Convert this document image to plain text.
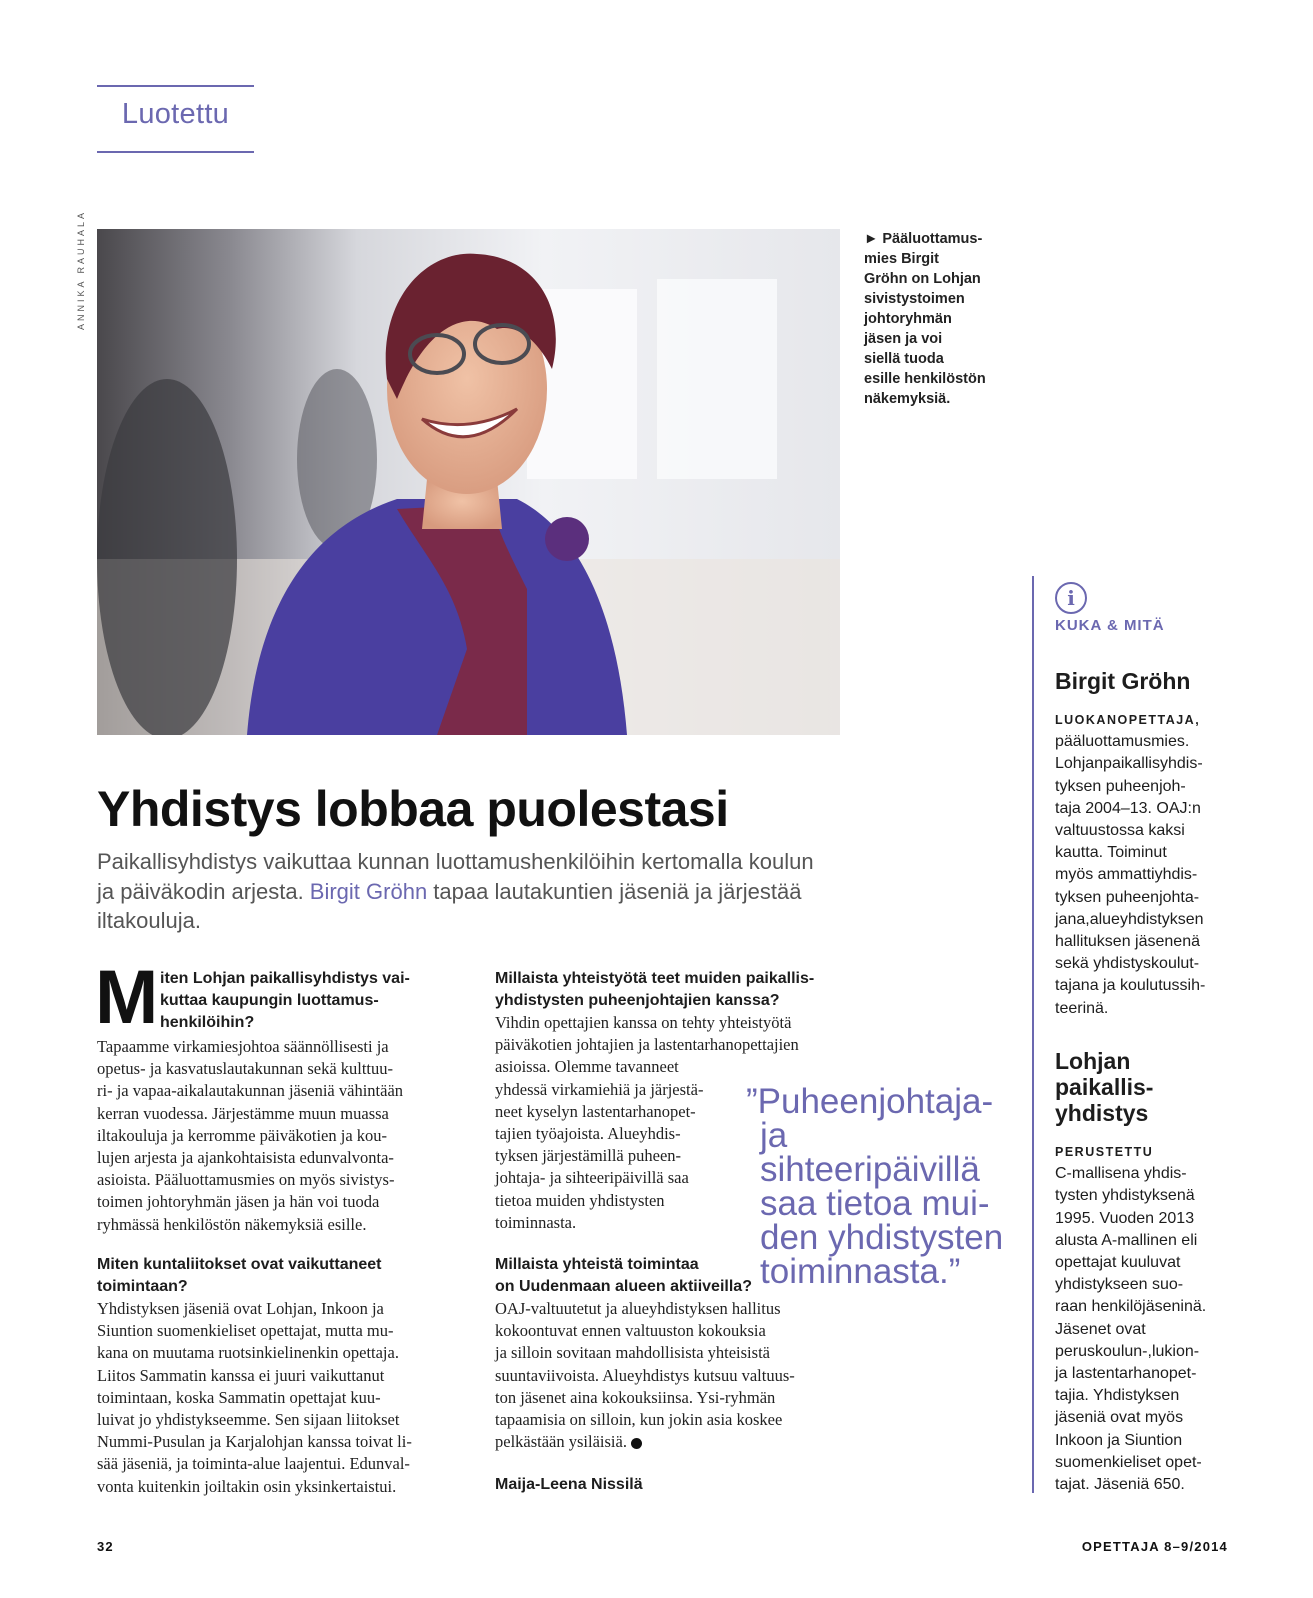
Luotettu
ANNIKA RAUHALA	► Pääluottamus-
mies Birgit
Gröhn on Lohjan
sivistystoimen
johtoryhmän
jäsen ja voi
siellä tuoda
esille henkilöstön
näkemyksiä.
Yhdistys lobbaa puolestasi
Paikallisyhdistys vaikuttaa kunnan luottamushenkilöihin kertomalla koulun ja päiväkodin arjesta. Birgit Gröhn tapaa lautakuntien jäseniä ja järjestää iltakouluja.
M iten Lohjan paikallisyhdistys vai-
kuttaa kaupungin luottamus-
henkilöihin?
Tapaamme virkamiesjohtoa säännöllisesti ja
opetus- ja kasvatuslautakunnan sekä kulttuu-
ri- ja vapaa-aikalautakunnan jäseniä vähintään
kerran vuodessa. Järjestämme muun muassa
iltakouluja ja kerromme päiväkotien ja kou-
lujen arjesta ja ajankohtaisista edunvalvonta-
asioista. Pääluottamusmies on myös sivistys-
toimen johtoryhmän jäsen ja hän voi tuoda
ryhmässä henkilöstön näkemyksiä esille.
Miten kuntaliitokset ovat vaikuttaneet
toimintaan?
Yhdistyksen jäseniä ovat Lohjan, Inkoon ja
Siuntion suomenkieliset opettajat, mutta mu-
kana on muutama ruotsinkielinenkin opettaja.
Liitos Sammatin kanssa ei juuri vaikuttanut
toimintaan, koska Sammatin opettajat kuu-
luivat jo yhdistykseemme. Sen sijaan liitokset
Nummi-Pusulan ja Karjalohjan kanssa toivat li-
sää jäseniä, ja toiminta-alue laajentui. Edunval-
vonta kuitenkin joiltakin osin yksinkertaistui.
Millaista yhteistyötä teet muiden paikallis-
yhdistysten puheenjohtajien kanssa?
Vihdin opettajien kanssa on tehty yhteistyötä
päiväkotien johtajien ja lastentarhanopettajien
asioissa. Olemme tavanneet
yhdessä virkamiehiä ja järjestä-
neet kyselyn lastentarhanopet-
tajien työajoista. Alueyhdis-
tyksen järjestämillä puheen-
johtaja- ja sihteeripäivillä saa
tietoa muiden yhdistysten
toiminnasta.
Millaista yhteistä toimintaa
on Uudenmaan alueen aktiiveilla?
OAJ-valtuutetut ja alueyhdistyksen hallitus
kokoontuvat ennen valtuuston kokouksia
ja silloin sovitaan mahdollisista yhteisistä
suuntaviivoista. Alueyhdistys kutsuu valtuus-
ton jäsenet aina kokouksiinsa. Ysi-ryhmän
tapaamisia on silloin, kun jokin asia koskee
pelkästään ysiläisiä.
Maija-Leena Nissilä
”Puheenjohtaja-
ja sihteeripäivillä
saa tietoa mui-
den yhdistysten
toiminnasta.”
i
KUKA & MITÄ
Birgit Gröhn
LUOKANOPETTAJA,
pääluottamusmies.
Lohjanpaikallisyhdis-
tyksen puheenjoh-
taja 2004–13. OAJ:n
valtuustossa kaksi
kautta. Toiminut
myös ammattiyhdis-
tyksen puheenjohta-
jana,alueyhdistyksen
hallituksen jäsenenä
sekä yhdistyskoulut-
tajana ja koulutussih-
teerinä.
Lohjan
paikallis-
yhdistys
PERUSTETTU
C-mallisena yhdis-
tysten yhdistyksenä
1995. Vuoden 2013
alusta A-mallinen eli
opettajat kuuluvat
yhdistykseen suo-
raan henkilöjäseninä.
Jäsenet ovat
peruskoulun-,lukion-
ja lastentarhanopet-
tajia. Yhdistyksen
jäseniä ovat myös
Inkoon ja Siuntion
suomenkieliset opet-
tajat. Jäseniä 650.
32	OPETTAJA 8–9/2014
